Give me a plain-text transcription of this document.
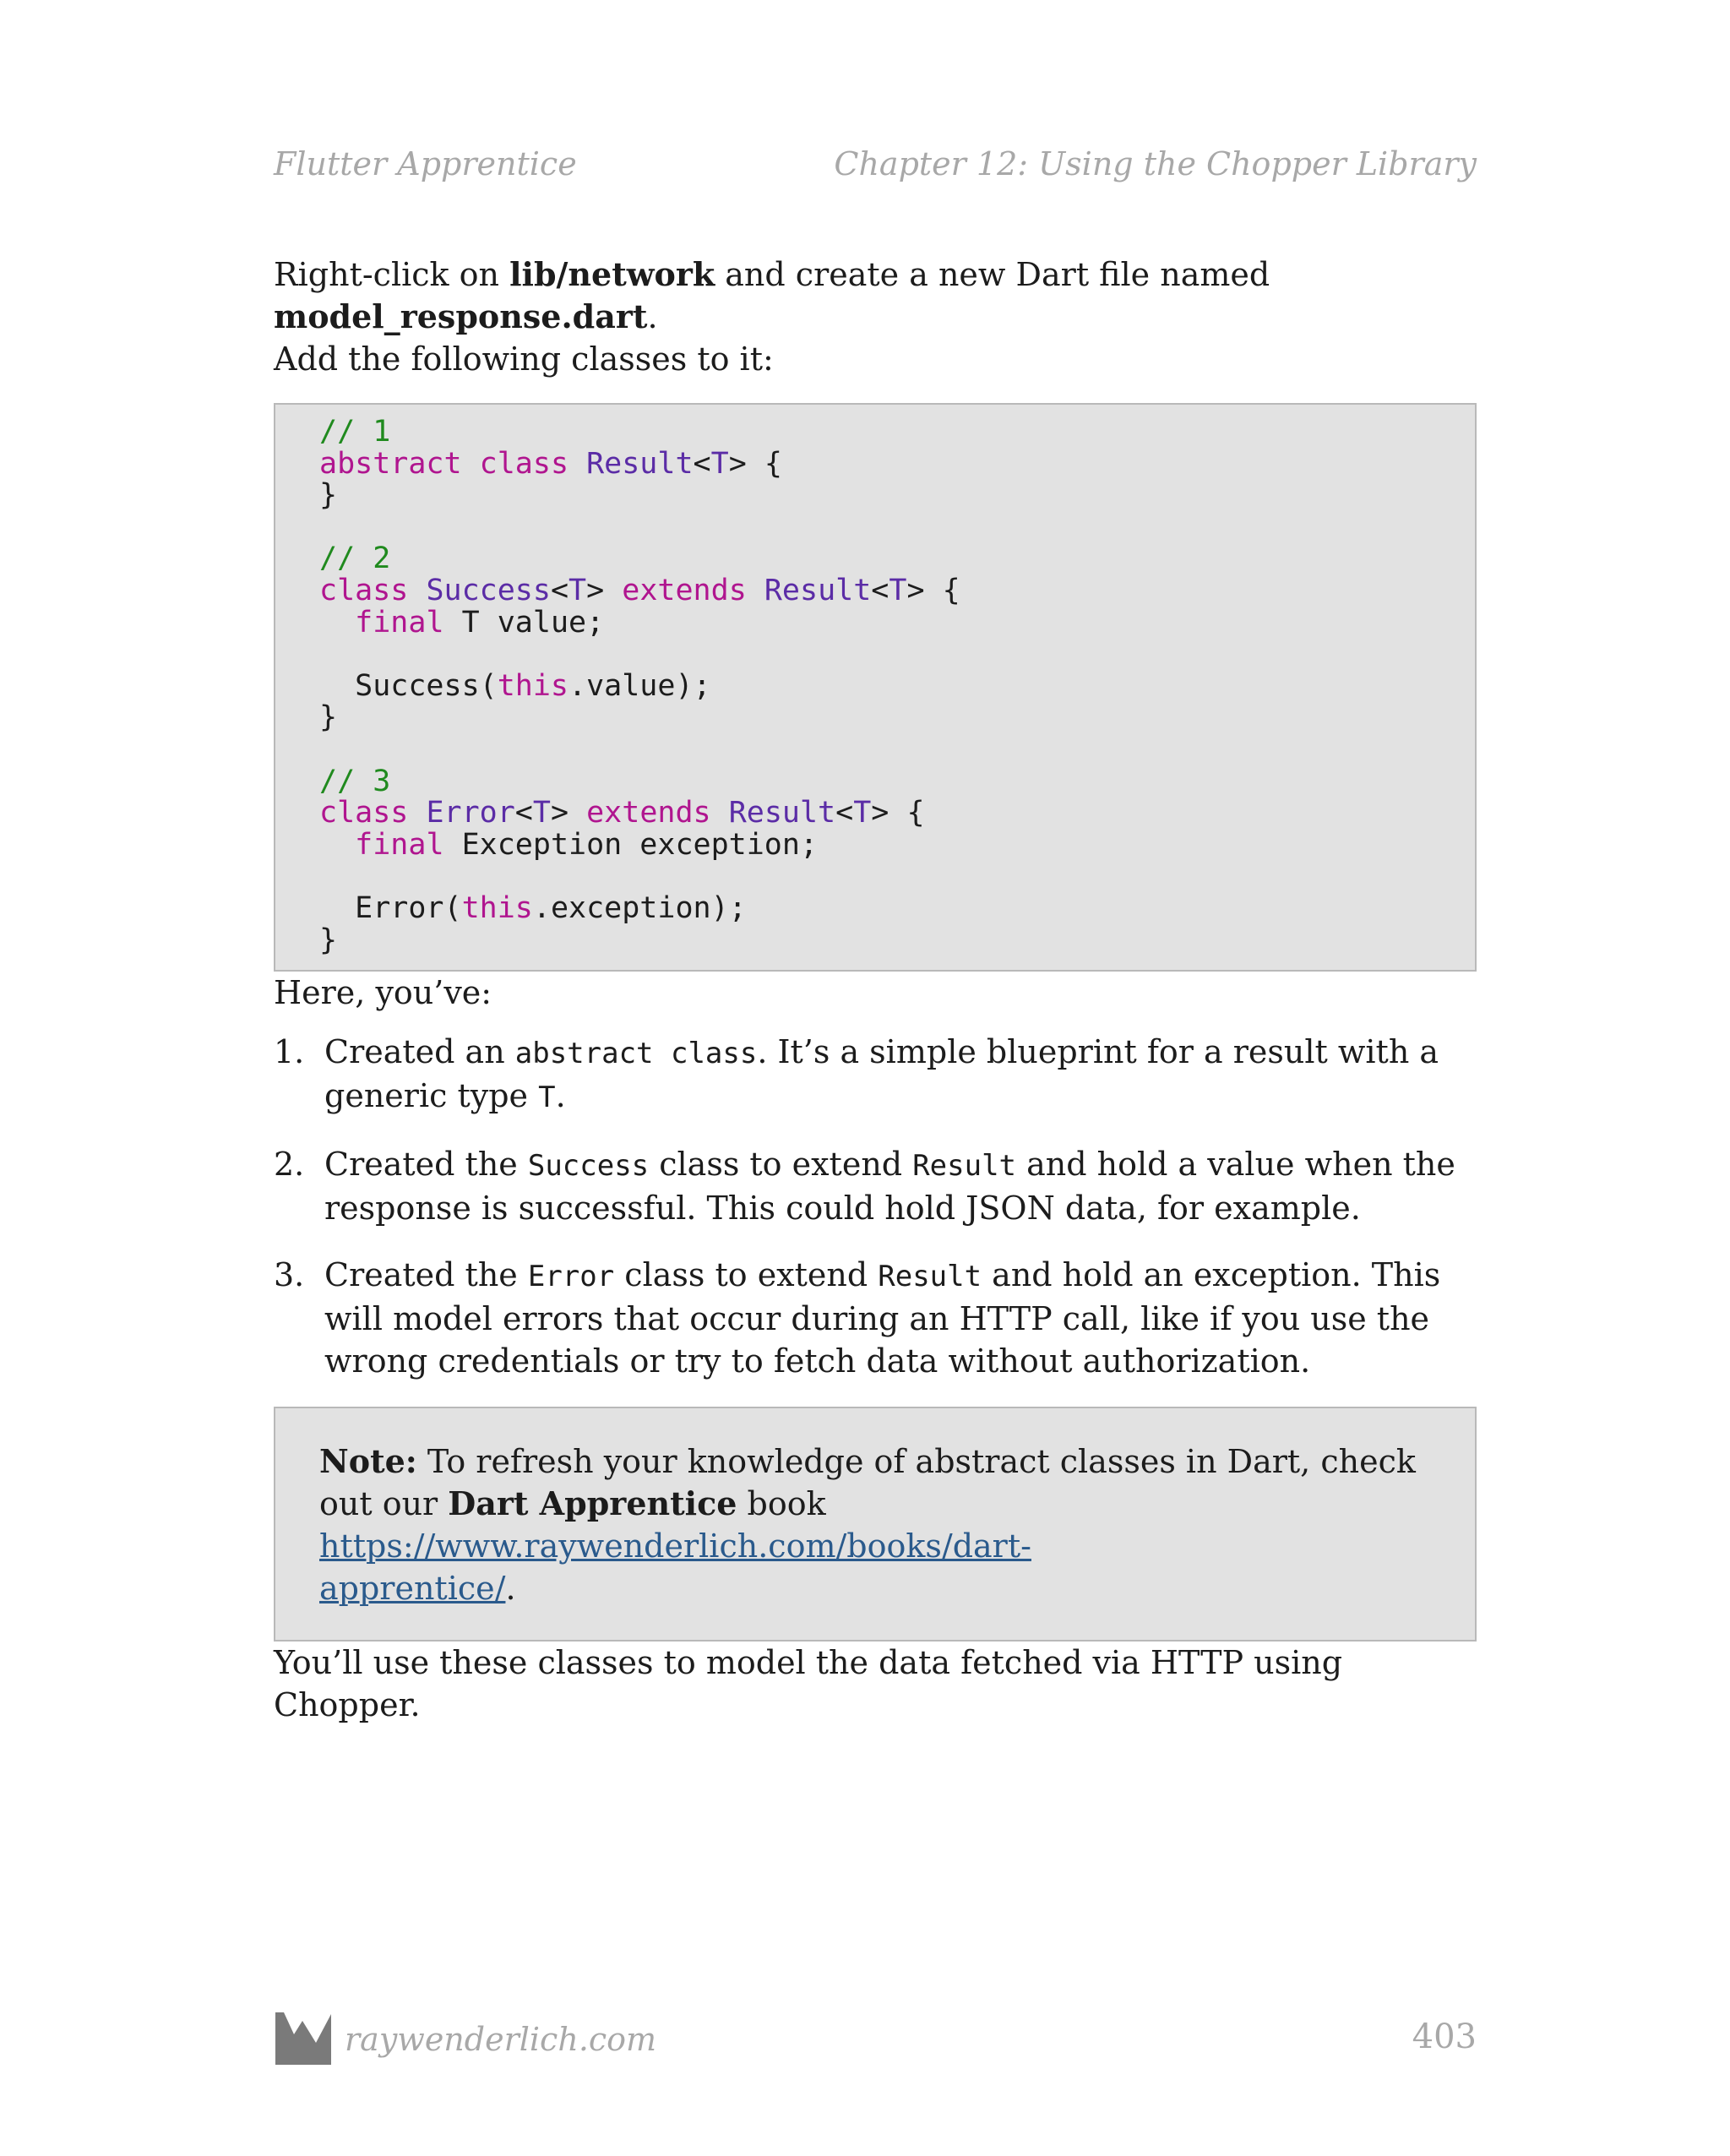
Flutter Apprentice	Chapter 12: Using the Chopper Library

Right-click on lib/network and create a new Dart file named model_response.dart.
Add the following classes to it:

// 1
abstract class Result<T> {
}

// 2
class Success<T> extends Result<T> {
final T value;

Success(this.value);
}

// 3
class Error<T> extends Result<T> {
final Exception exception;

Error(this.exception);
}

Here, you’ve:

1. Created an abstract class. It’s a simple blueprint for a result with a generic type T.
2. Created the Success class to extend Result and hold a value when the response is successful. This could hold JSON data, for example.
3. Created the Error class to extend Result and hold an exception. This will model errors that occur during an HTTP call, like if you use the wrong credentials or try to fetch data without authorization.
Note: To refresh your knowledge of abstract classes in Dart, check out our Dart Apprentice book https://www.raywenderlich.com/books/dart-
apprentice/.

You’ll use these classes to model the data fetched via HTTP using Chopper.

raywenderlich.com	403
